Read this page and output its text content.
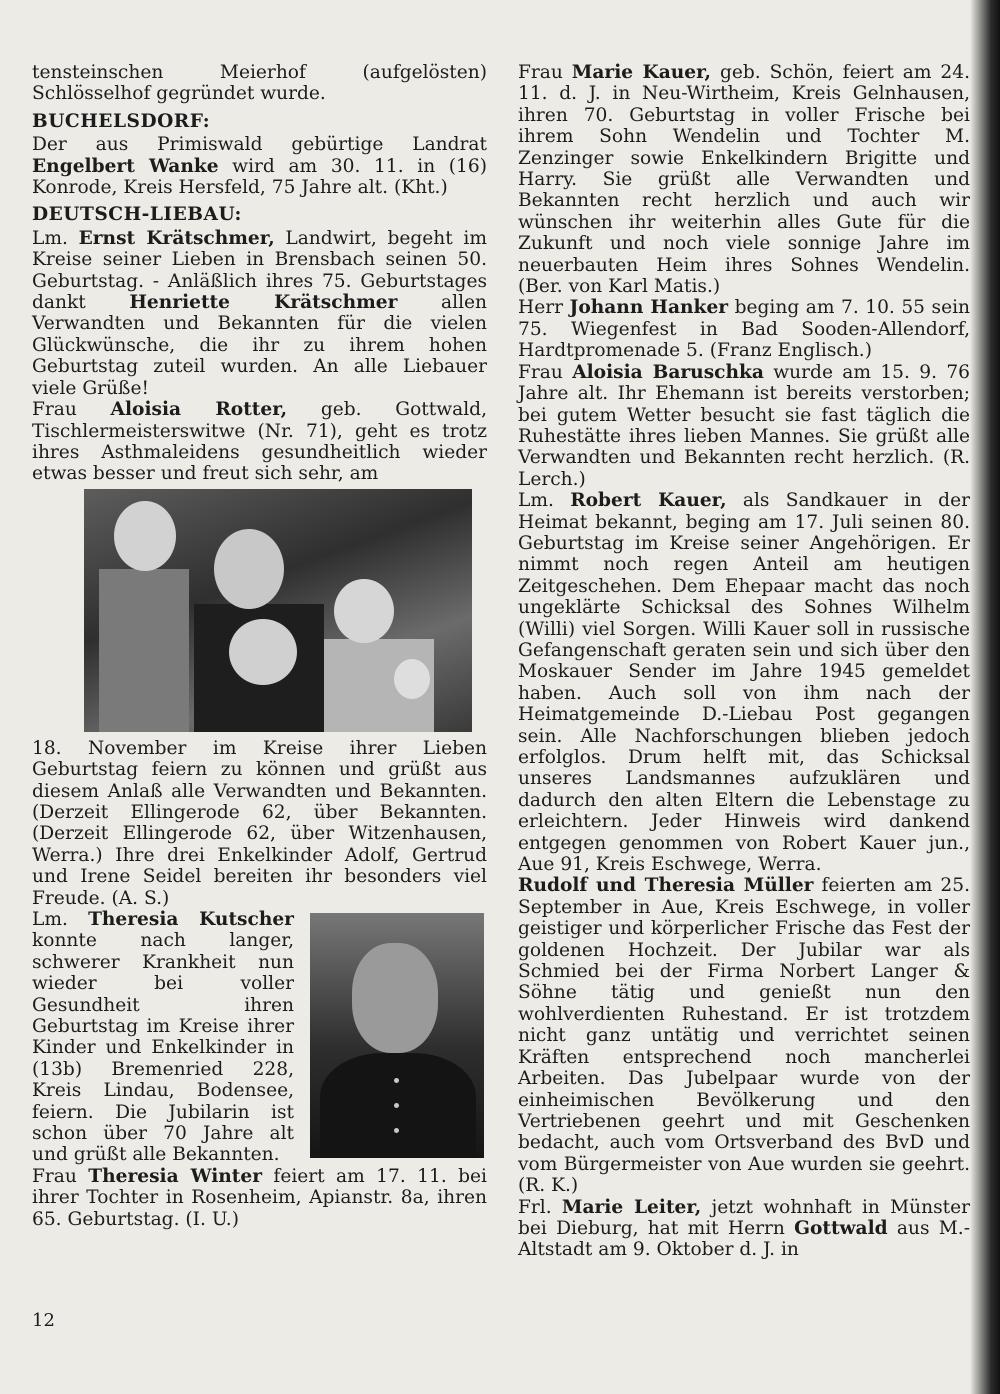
tensteinschen Meierhof (aufgelösten) Schlösselhof gegründet wurde.

BUCHELSDORF:

Der aus Primiswald gebürtige Landrat Engelbert Wanke wird am 30. 11. in (16) Konrode, Kreis Hersfeld, 75 Jahre alt. (Kht.)

DEUTSCH-LIEBAU:

Lm. Ernst Krätschmer, Landwirt, begeht im Kreise seiner Lieben in Brensbach seinen 50. Geburtstag. - Anläßlich ihres 75. Geburtstages dankt Henriette Krätschmer allen Verwandten und Bekannten für die vielen Glückwünsche, die ihr zu ihrem hohen Geburtstag zuteil wurden. An alle Liebauer viele Grüße!

Frau Aloisia Rotter, geb. Gottwald, Tischlermeisterswitwe (Nr. 71), geht es trotz ihres Asthmaleidens gesundheitlich wieder etwas besser und freut sich sehr, am

18. November im Kreise ihrer Lieben Geburtstag feiern zu können und grüßt aus diesem Anlaß alle Verwandten und Bekannten. (Derzeit Ellingerode 62, über Bekannten. (Derzeit Ellingerode 62, über Witzenhausen, Werra.) Ihre drei Enkelkinder Adolf, Gertrud und Irene Seidel bereiten ihr besonders viel Freude. (A. S.)

Lm. Theresia Kutscher konnte nach langer, schwerer Krankheit nun wieder bei voller Gesundheit ihren Geburtstag im Kreise ihrer Kinder und Enkelkinder in (13b) Bremenried 228, Kreis Lindau, Bodensee, feiern. Die Jubilarin ist schon über 70 Jahre alt und grüßt alle Bekannten.

Frau Theresia Winter feiert am 17. 11. bei ihrer Tochter in Rosenheim, Apianstr. 8a, ihren 65. Geburtstag. (I. U.)

Frau Marie Kauer, geb. Schön, feiert am 24. 11. d. J. in Neu-Wirtheim, Kreis Gelnhausen, ihren 70. Geburtstag in voller Frische bei ihrem Sohn Wendelin und Tochter M. Zenzinger sowie Enkelkindern Brigitte und Harry. Sie grüßt alle Verwandten und Bekannten recht herzlich und auch wir wünschen ihr weiterhin alles Gute für die Zukunft und noch viele sonnige Jahre im neuerbauten Heim ihres Sohnes Wendelin. (Ber. von Karl Matis.)

Herr Johann Hanker beging am 7. 10. 55 sein 75. Wiegenfest in Bad Sooden-Allendorf, Hardtpromenade 5. (Franz Englisch.)

Frau Aloisia Baruschka wurde am 15. 9. 76 Jahre alt. Ihr Ehemann ist bereits verstorben; bei gutem Wetter besucht sie fast täglich die Ruhestätte ihres lieben Mannes. Sie grüßt alle Verwandten und Bekannten recht herzlich. (R. Lerch.)

Lm. Robert Kauer, als Sandkauer in der Heimat bekannt, beging am 17. Juli seinen 80. Geburtstag im Kreise seiner Angehörigen. Er nimmt noch regen Anteil am heutigen Zeitgeschehen. Dem Ehepaar macht das noch ungeklärte Schicksal des Sohnes Wilhelm (Willi) viel Sorgen. Willi Kauer soll in russische Gefangenschaft geraten sein und sich über den Moskauer Sender im Jahre 1945 gemeldet haben. Auch soll von ihm nach der Heimatgemeinde D.-Liebau Post gegangen sein. Alle Nachforschungen blieben jedoch erfolglos. Drum helft mit, das Schicksal unseres Landsmannes aufzuklären und dadurch den alten Eltern die Lebenstage zu erleichtern. Jeder Hinweis wird dankend entgegen genommen von Robert Kauer jun., Aue 91, Kreis Eschwege, Werra.

Rudolf und Theresia Müller feierten am 25. September in Aue, Kreis Eschwege, in voller geistiger und körperlicher Frische das Fest der goldenen Hochzeit. Der Jubilar war als Schmied bei der Firma Norbert Langer & Söhne tätig und genießt nun den wohlverdienten Ruhestand. Er ist trotzdem nicht ganz untätig und verrichtet seinen Kräften entsprechend noch mancherlei Arbeiten. Das Jubelpaar wurde von der einheimischen Bevölkerung und den Vertriebenen geehrt und mit Geschenken bedacht, auch vom Ortsverband des BvD und vom Bürgermeister von Aue wurden sie geehrt. (R. K.)

Frl. Marie Leiter, jetzt wohnhaft in Münster bei Dieburg, hat mit Herrn Gottwald aus M.-Altstadt am 9. Oktober d. J. in

12
